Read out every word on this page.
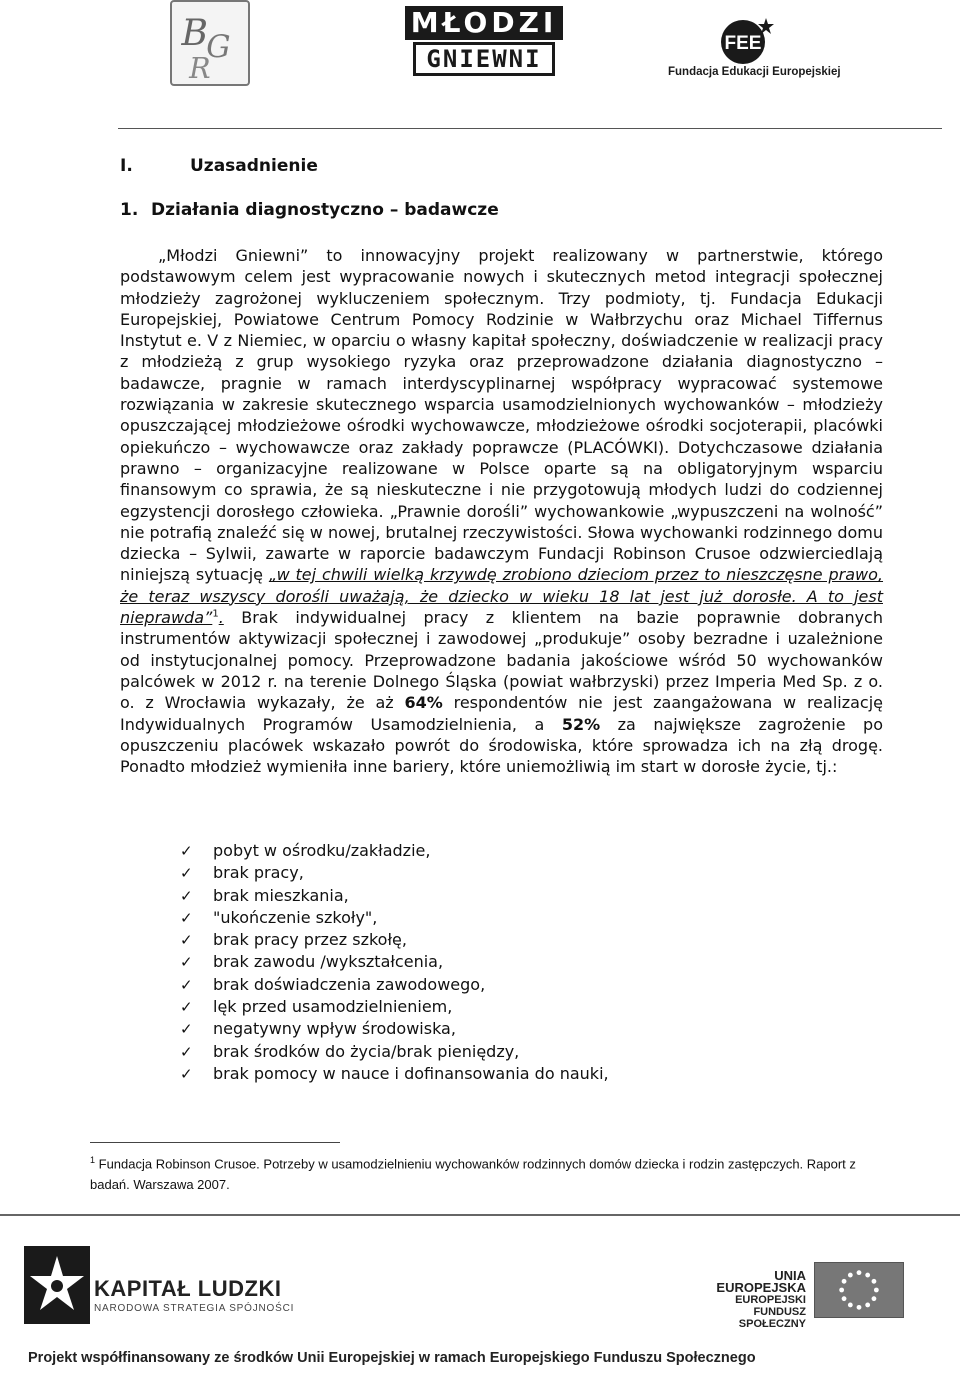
B
G
R
MŁODZI
GNIEWNI
FEE
Fundacja Edukacji Europejskiej
I.	Uzasadnienie
1. Działania diagnostyczno – badawcze
„Młodzi Gniewni” to innowacyjny projekt realizowany w partnerstwie, którego podstawowym celem jest wypracowanie nowych i skutecznych metod integracji społecznej młodzieży zagrożonej wykluczeniem społecznym. Trzy podmioty, tj. Fundacja Edukacji Europejskiej, Powiatowe Centrum Pomocy Rodzinie w Wałbrzychu oraz Michael Tiffernus Instytut e. V z Niemiec, w oparciu o własny kapitał społeczny, doświadczenie w realizacji pracy z młodzieżą z grup wysokiego ryzyka oraz przeprowadzone działania diagnostyczno – badawcze, pragnie w ramach interdyscyplinarnej współpracy wypracować systemowe rozwiązania w zakresie skutecznego wsparcia usamodzielnionych wychowanków – młodzieży opuszczającej młodzieżowe ośrodki wychowawcze, młodzieżowe ośrodki socjoterapii, placówki opiekuńczo – wychowawcze oraz zakłady poprawcze (PLACÓWKI). Dotychczasowe działania prawno – organizacyjne realizowane w Polsce oparte są na obligatoryjnym wsparciu finansowym co sprawia, że są nieskuteczne i nie przygotowują młodych ludzi do codziennej egzystencji dorosłego człowieka. „Prawnie dorośli” wychowankowie „wypuszczeni na wolność” nie potrafią znaleźć się w nowej, brutalnej rzeczywistości. Słowa wychowanki rodzinnego domu dziecka – Sylwii, zawarte w raporcie badawczym Fundacji Robinson Crusoe odzwierciedlają niniejszą sytuację „w tej chwili wielką krzywdę zrobiono dzieciom przez to nieszczęsne prawo, że teraz wszyscy dorośli uważają, że dziecko w wieku 18 lat jest już dorosłe. A to jest nieprawda”$^1$. Brak indywidualnej pracy z klientem na bazie poprawnie dobranych instrumentów aktywizacji społecznej i zawodowej „produkuje” osoby bezradne i uzależnione od instytucjonalnej pomocy. Przeprowadzone badania jakościowe wśród 50 wychowanków palcówek w 2012 r. na terenie Dolnego Śląska (powiat wałbrzyski) przez Imperia Med Sp. z o. o. z Wrocławia wykazały, że aż 64% respondentów nie jest zaangażowana w realizację Indywidualnych Programów Usamodzielnienia, a 52% za największe zagrożenie po opuszczeniu placówek wskazało powrót do środowiska, które sprowadza ich na złą drogę. Ponadto młodzież wymieniła inne bariery, które uniemożliwią im start w dorosłe życie, tj.:
✓ pobyt w ośrodku/zakładzie,
✓ brak pracy,
✓ brak mieszkania,
✓ "ukończenie szkoły",
✓ brak pracy przez szkołę,
✓ brak zawodu /wykształcenia,
✓ brak doświadczenia zawodowego,
✓ lęk przed usamodzielnieniem,
✓ negatywny wpływ środowiska,
✓ brak środków do życia/brak pieniędzy,
✓ brak pomocy w nauce i dofinansowania do nauki,
$^1$ Fundacja Robinson Crusoe. Potrzeby w usamodzielnieniu wychowanków rodzinnych domów dziecka i rodzin zastępczych. Raport z badań. Warszawa 2007.
KAPITAŁ LUDZKI
NARODOWA STRATEGIA SPÓJNOŚCI
UNIA EUROPEJSKA
EUROPEJSKI
FUNDUSZ SPOŁECZNY
Projekt współfinansowany ze środków Unii Europejskiej w ramach Europejskiego Funduszu Społecznego
